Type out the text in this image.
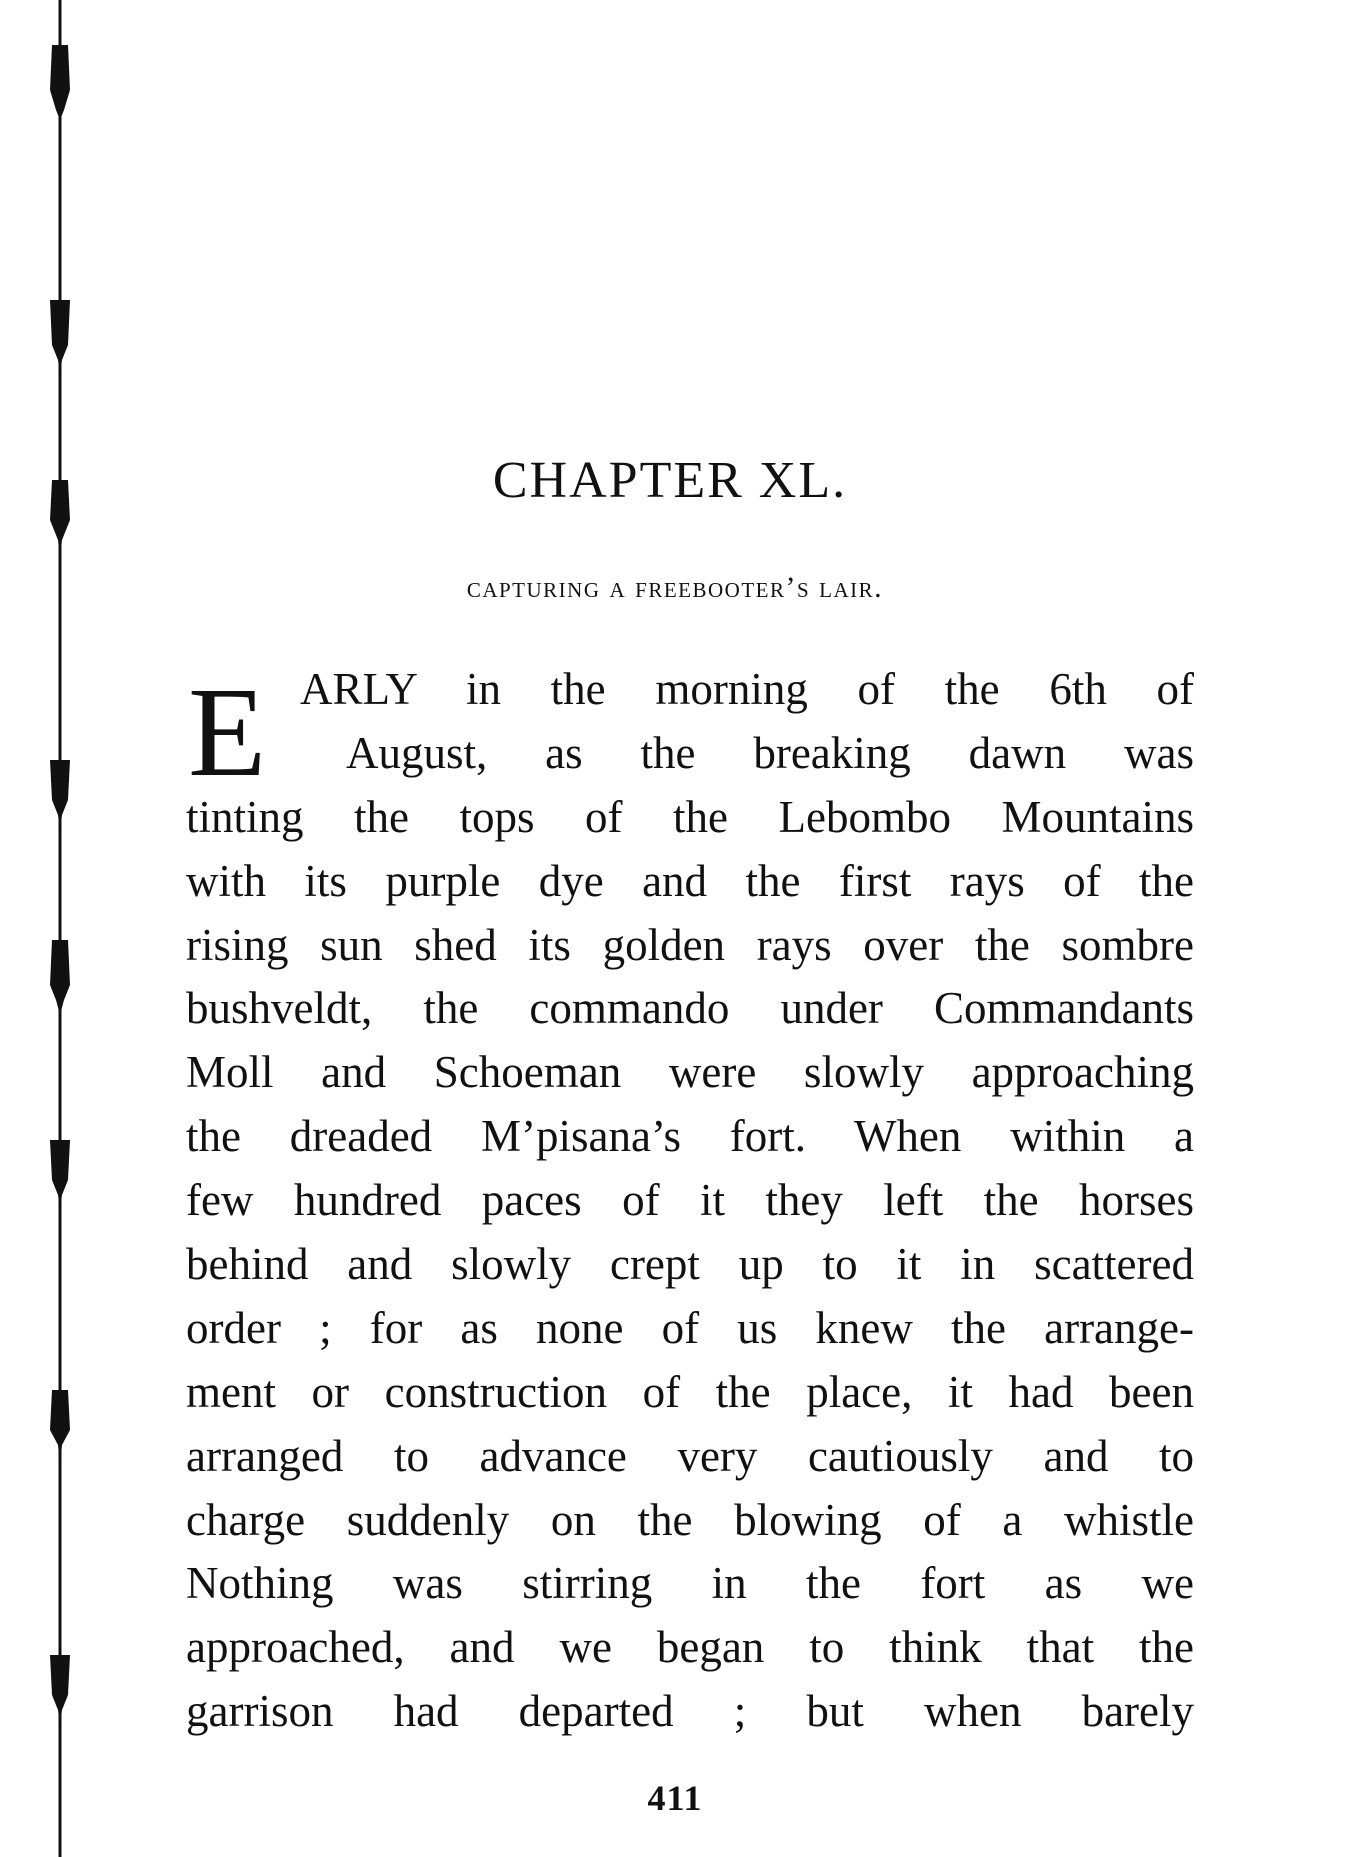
CHAPTER XL.
capturing a freebooter’s lair.
E ARLY in the morning of the 6th of
August, as the breaking dawn was
tinting the tops of the Lebombo Mountains
with its purple dye and the first rays of the
rising sun shed its golden rays over the sombre
bushveldt, the commando under Commandants
Moll and Schoeman were slowly approaching
the dreaded M’pisana’s fort. When within a
few hundred paces of it they left the horses
behind and slowly crept up to it in scattered
order ; for as none of us knew the arrange-
ment or construction of the place, it had been
arranged to advance very cautiously and to
charge suddenly on the blowing of a whistle
Nothing was stirring in the fort as we
approached, and we began to think that the
garrison had departed ; but when barely
411
